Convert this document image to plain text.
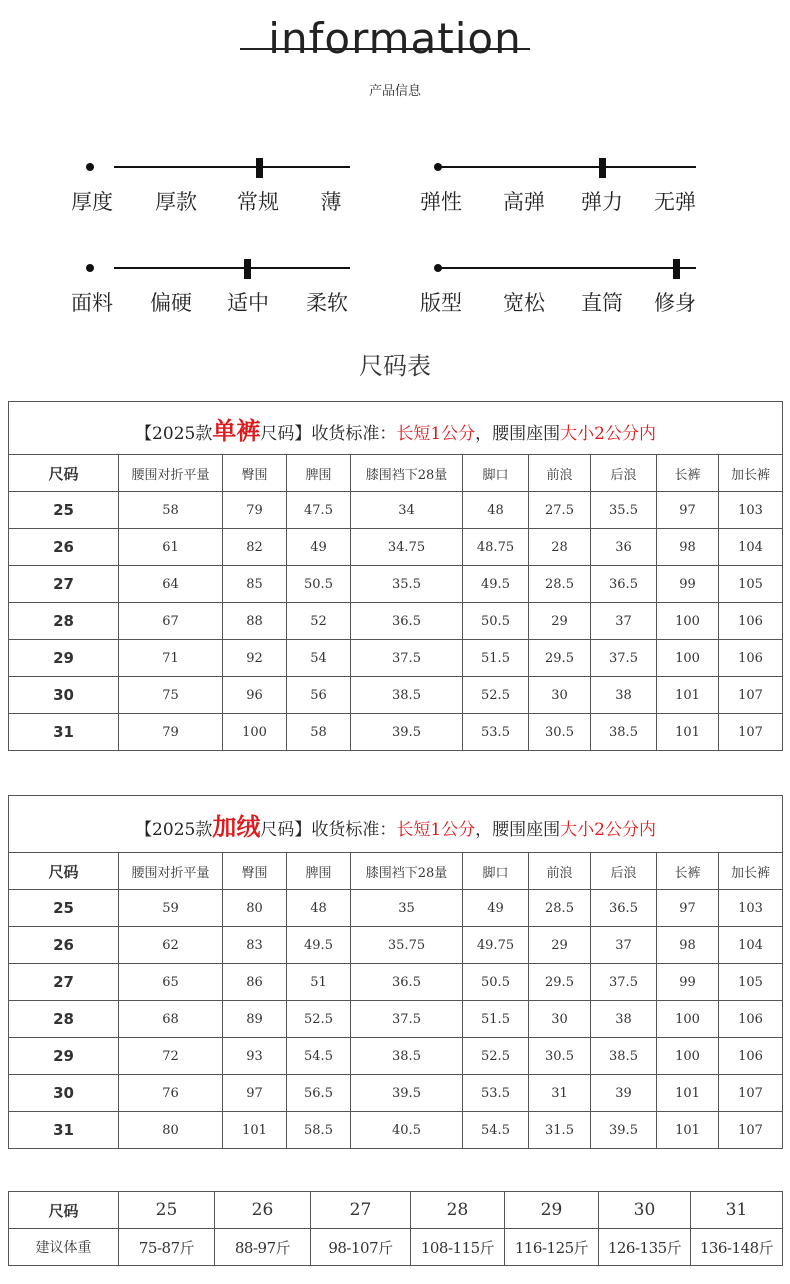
information
产品信息
厚度	厚款	常规	薄	弹性	高弹	弹力	无弹
面料	偏硬	适中	柔软	版型	宽松	直筒	修身
尺码表
【2025款单裤尺码】收货标准：长短1公分，腰围座围大小2公分内									
尺码	腰围对折平量	臀围	脾围	膝围裆下28量	脚口	前浪	后浪	长裤	加长裤
25	58	79	47.5	34	48	27.5	35.5	97	103
26	61	82	49	34.75	48.75	28	36	98	104
27	64	85	50.5	35.5	49.5	28.5	36.5	99	105
28	67	88	52	36.5	50.5	29	37	100	106
29	71	92	54	37.5	51.5	29.5	37.5	100	106
30	75	96	56	38.5	52.5	30	38	101	107
31	79	100	58	39.5	53.5	30.5	38.5	101	107
【2025款加绒尺码】收货标准：长短1公分，腰围座围大小2公分内									
尺码	腰围对折平量	臀围	脾围	膝围裆下28量	脚口	前浪	后浪	长裤	加长裤
25	59	80	48	35	49	28.5	36.5	97	103
26	62	83	49.5	35.75	49.75	29	37	98	104
27	65	86	51	36.5	50.5	29.5	37.5	99	105
28	68	89	52.5	37.5	51.5	30	38	100	106
29	72	93	54.5	38.5	52.5	30.5	38.5	100	106
30	76	97	56.5	39.5	53.5	31	39	101	107
31	80	101	58.5	40.5	54.5	31.5	39.5	101	107
尺码	25	26	27	28	29	30	31
建议体重	75-87斤	88-97斤	98-107斤	108-115斤	116-125斤	126-135斤	136-148斤
